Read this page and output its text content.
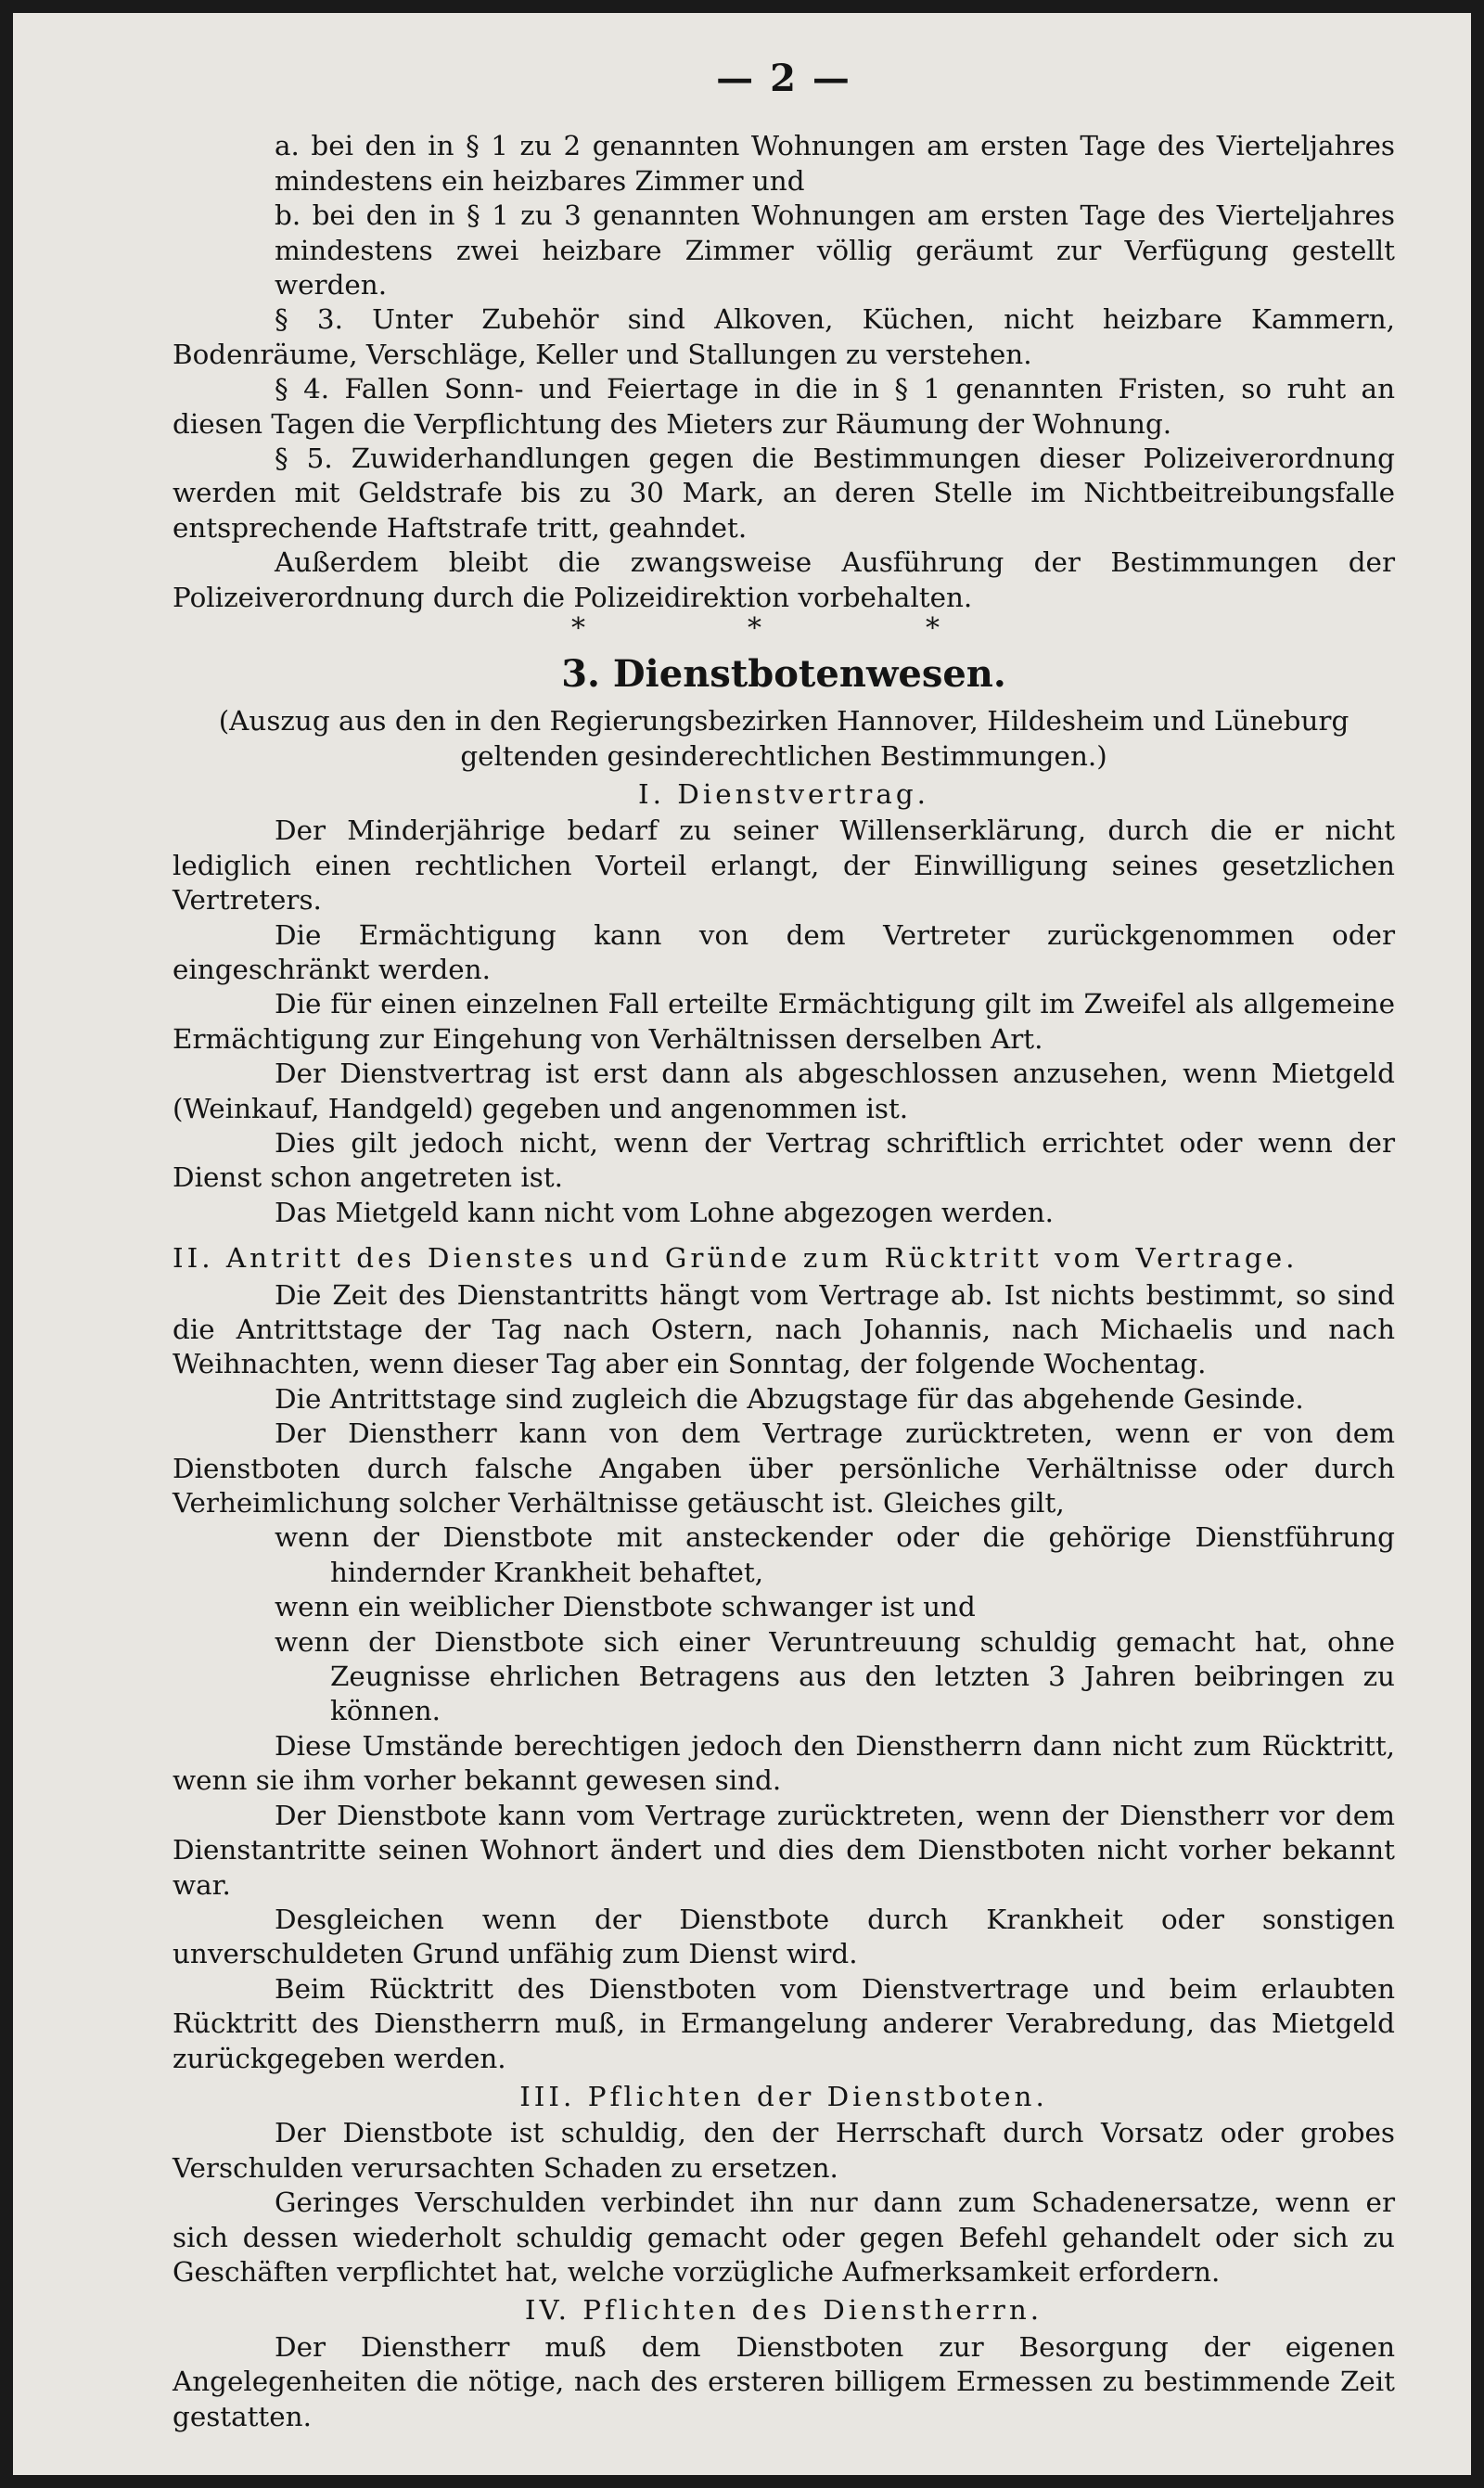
— 2 —

a. bei den in § 1 zu 2 genannten Wohnungen am ersten Tage des Vierteljahres mindestens ein heizbares Zimmer und

b. bei den in § 1 zu 3 genannten Wohnungen am ersten Tage des Vierteljahres mindestens zwei heizbare Zimmer völlig geräumt zur Verfügung gestellt werden.

§ 3. Unter Zubehör sind Alkoven, Küchen, nicht heizbare Kammern, Bodenräume, Verschläge, Keller und Stallungen zu verstehen.

§ 4. Fallen Sonn- und Feiertage in die in § 1 genannten Fristen, so ruht an diesen Tagen die Verpflichtung des Mieters zur Räumung der Wohnung.

§ 5. Zuwiderhandlungen gegen die Bestimmungen dieser Polizeiverordnung werden mit Geldstrafe bis zu 30 Mark, an deren Stelle im Nichtbeitreibungsfalle entsprechende Haftstrafe tritt, geahndet.

Außerdem bleibt die zwangsweise Ausführung der Bestimmungen der Polizeiverordnung durch die Polizeidirektion vorbehalten.

*	*	*
3. Dienstbotenwesen.

(Auszug aus den in den Regierungsbezirken Hannover, Hildesheim und Lüneburg geltenden gesinderechtlichen Bestimmungen.)

I. Dienstvertrag.

Der Minderjährige bedarf zu seiner Willenserklärung, durch die er nicht lediglich einen rechtlichen Vorteil erlangt, der Einwilligung seines gesetzlichen Vertreters.

Die Ermächtigung kann von dem Vertreter zurückgenommen oder eingeschränkt werden.

Die für einen einzelnen Fall erteilte Ermächtigung gilt im Zweifel als allgemeine Ermächtigung zur Eingehung von Verhältnissen derselben Art.

Der Dienstvertrag ist erst dann als abgeschlossen anzusehen, wenn Mietgeld (Weinkauf, Handgeld) gegeben und angenommen ist.

Dies gilt jedoch nicht, wenn der Vertrag schriftlich errichtet oder wenn der Dienst schon angetreten ist.

Das Mietgeld kann nicht vom Lohne abgezogen werden.

II. Antritt des Dienstes und Gründe zum Rücktritt vom Vertrage.

Die Zeit des Dienstantritts hängt vom Vertrage ab. Ist nichts bestimmt, so sind die Antrittstage der Tag nach Ostern, nach Johannis, nach Michaelis und nach Weihnachten, wenn dieser Tag aber ein Sonntag, der folgende Wochentag.

Die Antrittstage sind zugleich die Abzugstage für das abgehende Gesinde.

Der Dienstherr kann von dem Vertrage zurücktreten, wenn er von dem Dienstboten durch falsche Angaben über persönliche Verhältnisse oder durch Verheimlichung solcher Verhältnisse getäuscht ist. Gleiches gilt,

wenn der Dienstbote mit ansteckender oder die gehörige Dienstführung hindernder Krankheit behaftet,

wenn ein weiblicher Dienstbote schwanger ist und

wenn der Dienstbote sich einer Veruntreuung schuldig gemacht hat, ohne Zeugnisse ehrlichen Betragens aus den letzten 3 Jahren beibringen zu können.

Diese Umstände berechtigen jedoch den Dienstherrn dann nicht zum Rücktritt, wenn sie ihm vorher bekannt gewesen sind.

Der Dienstbote kann vom Vertrage zurücktreten, wenn der Dienstherr vor dem Dienstantritte seinen Wohnort ändert und dies dem Dienstboten nicht vorher bekannt war.

Desgleichen wenn der Dienstbote durch Krankheit oder sonstigen unverschuldeten Grund unfähig zum Dienst wird.

Beim Rücktritt des Dienstboten vom Dienstvertrage und beim erlaubten Rücktritt des Dienstherrn muß, in Ermangelung anderer Verabredung, das Mietgeld zurückgegeben werden.

III. Pflichten der Dienstboten.

Der Dienstbote ist schuldig, den der Herrschaft durch Vorsatz oder grobes Verschulden verursachten Schaden zu ersetzen.

Geringes Verschulden verbindet ihn nur dann zum Schadenersatze, wenn er sich dessen wiederholt schuldig gemacht oder gegen Befehl gehandelt oder sich zu Geschäften verpflichtet hat, welche vorzügliche Aufmerksamkeit erfordern.

IV. Pflichten des Dienstherrn.

Der Dienstherr muß dem Dienstboten zur Besorgung der eigenen Angelegenheiten die nötige, nach des ersteren billigem Ermessen zu bestimmende Zeit gestatten.
